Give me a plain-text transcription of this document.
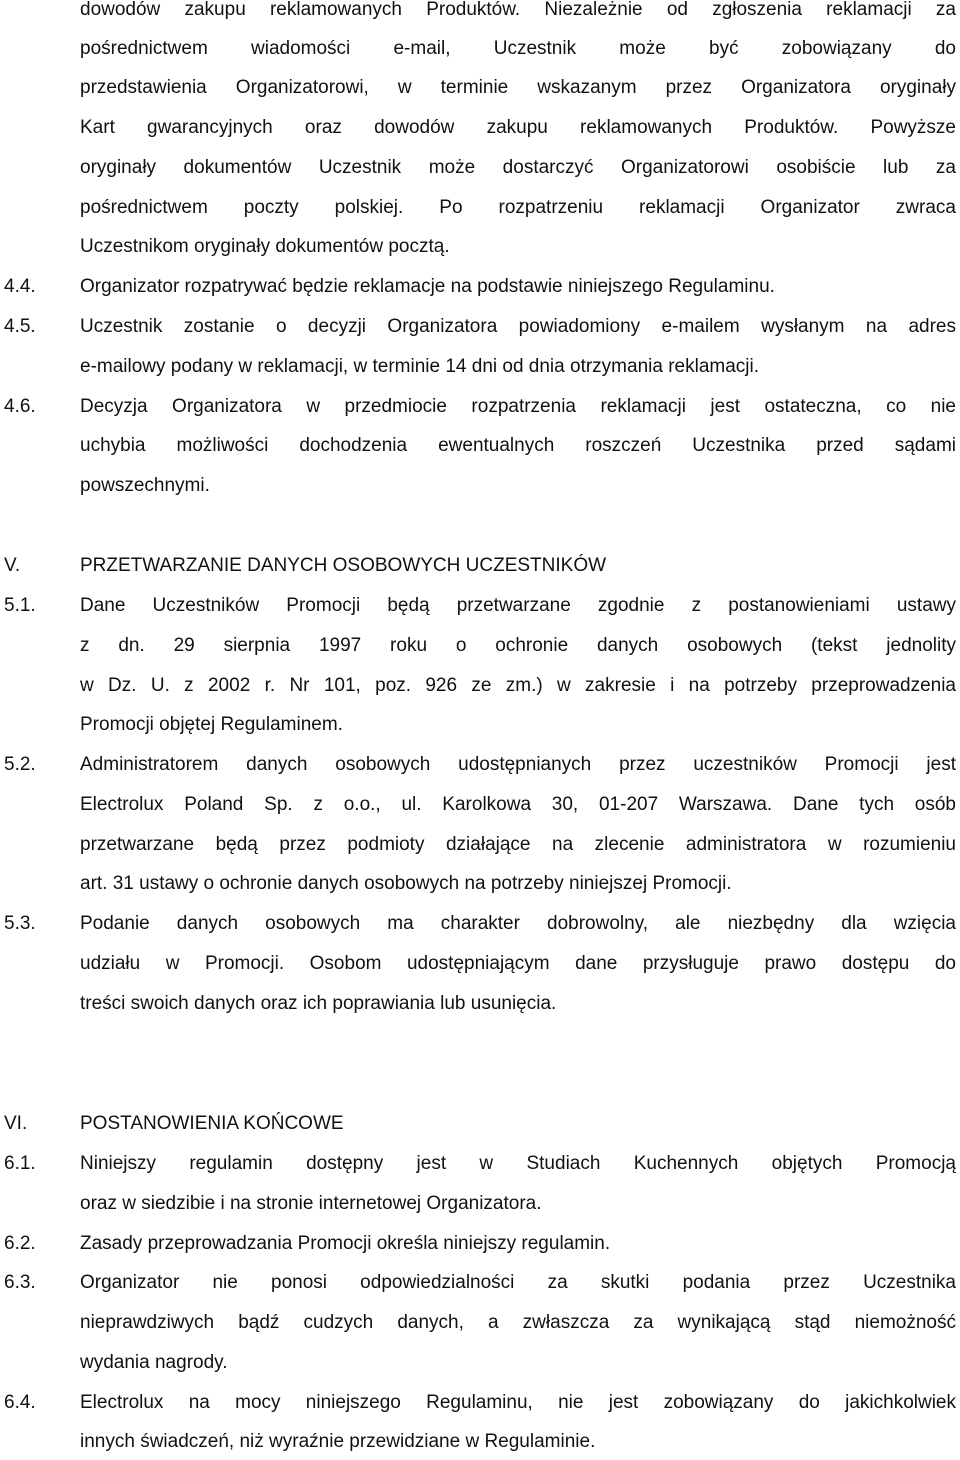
dowodów zakupu reklamowanych Produktów. Niezależnie od zgłoszenia reklamacji za
pośrednictwem wiadomości e-mail, Uczestnik może być zobowiązany do
przedstawienia Organizatorowi, w terminie wskazanym przez Organizatora oryginały
Kart gwarancyjnych oraz dowodów zakupu reklamowanych Produktów. Powyższe
oryginały dokumentów Uczestnik może dostarczyć Organizatorowi osobiście lub za
pośrednictwem poczty polskiej. Po rozpatrzeniu reklamacji Organizator zwraca
Uczestnikom oryginały dokumentów pocztą.
4.4. Organizator rozpatrywać będzie reklamacje na podstawie niniejszego Regulaminu.
4.5. Uczestnik zostanie o decyzji Organizatora powiadomiony e-mailem wysłanym na adres
e-mailowy podany w reklamacji, w terminie 14 dni od dnia otrzymania reklamacji.
4.6. Decyzja Organizatora w przedmiocie rozpatrzenia reklamacji jest ostateczna, co nie
uchybia możliwości dochodzenia ewentualnych roszczeń Uczestnika przed sądami
powszechnymi.
V.	PRZETWARZANIE DANYCH OSOBOWYCH UCZESTNIKÓW
5.1. Dane Uczestników Promocji będą przetwarzane zgodnie z postanowieniami ustawy
z dn. 29 sierpnia 1997 roku o ochronie danych osobowych (tekst jednolity
w Dz. U. z 2002 r. Nr 101, poz. 926 ze zm.) w zakresie i na potrzeby przeprowadzenia
Promocji objętej Regulaminem.
5.2. Administratorem danych osobowych udostępnianych przez uczestników Promocji jest
Electrolux Poland Sp. z o.o., ul. Karolkowa 30, 01-207 Warszawa. Dane tych osób
przetwarzane będą przez podmioty działające na zlecenie administratora w rozumieniu
art. 31 ustawy o ochronie danych osobowych na potrzeby niniejszej Promocji.
5.3. Podanie danych osobowych ma charakter dobrowolny, ale niezbędny dla wzięcia
udziału w Promocji. Osobom udostępniającym dane przysługuje prawo dostępu do
treści swoich danych oraz ich poprawiania lub usunięcia.
VI.	POSTANOWIENIA KOŃCOWE
6.1. Niniejszy regulamin dostępny jest w Studiach Kuchennych objętych Promocją
oraz w siedzibie i na stronie internetowej Organizatora.
6.2. Zasady przeprowadzania Promocji określa niniejszy regulamin.
6.3. Organizator nie ponosi odpowiedzialności za skutki podania przez Uczestnika
nieprawdziwych bądź cudzych danych, a zwłaszcza za wynikającą stąd niemożność
wydania nagrody.
6.4. Electrolux na mocy niniejszego Regulaminu, nie jest zobowiązany do jakichkolwiek
innych świadczeń, niż wyraźnie przewidziane w Regulaminie.
